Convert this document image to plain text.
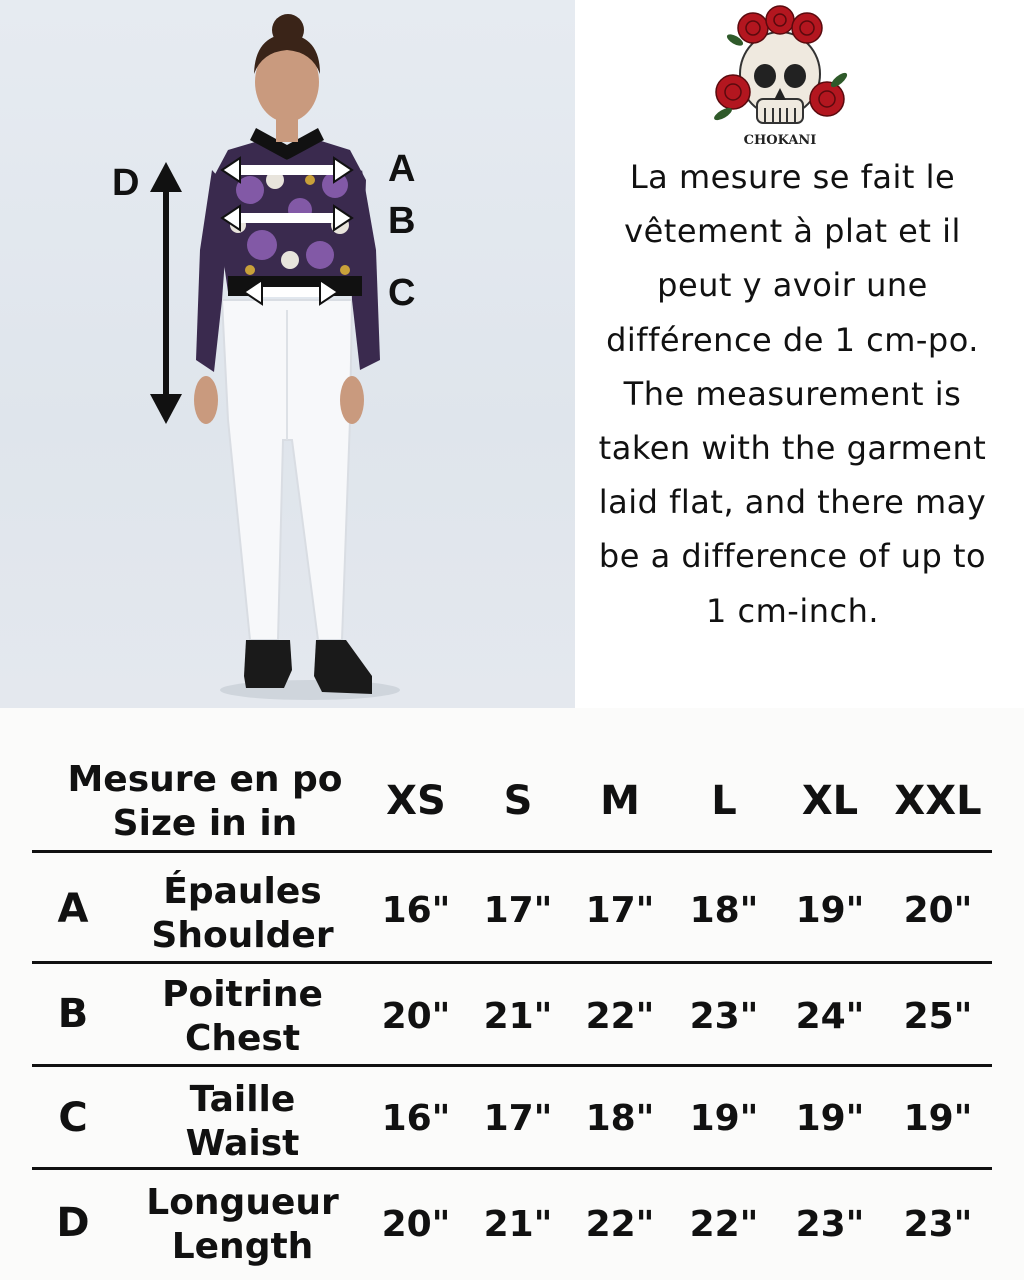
D	A
B
C
CHOKANI
La mesure se fait le vêtement à plat et il peut y avoir une différence de 1 cm-po. The measurement is taken with the garment laid flat, and there may be a difference of up to 1 cm-inch.
Mesure en po
Size in in	XS	S	M	L	XL XXL
A	Épaules
Shoulder
16" 17" 17" 18"	19"	20"
B	Poitrine
Chest
20" 21" 22" 23"	24"	25"
C	Taille
Waist
16" 17" 18" 19"	19"	19"
D	Longueur
Length
20" 21" 22" 22"	23"	23"
